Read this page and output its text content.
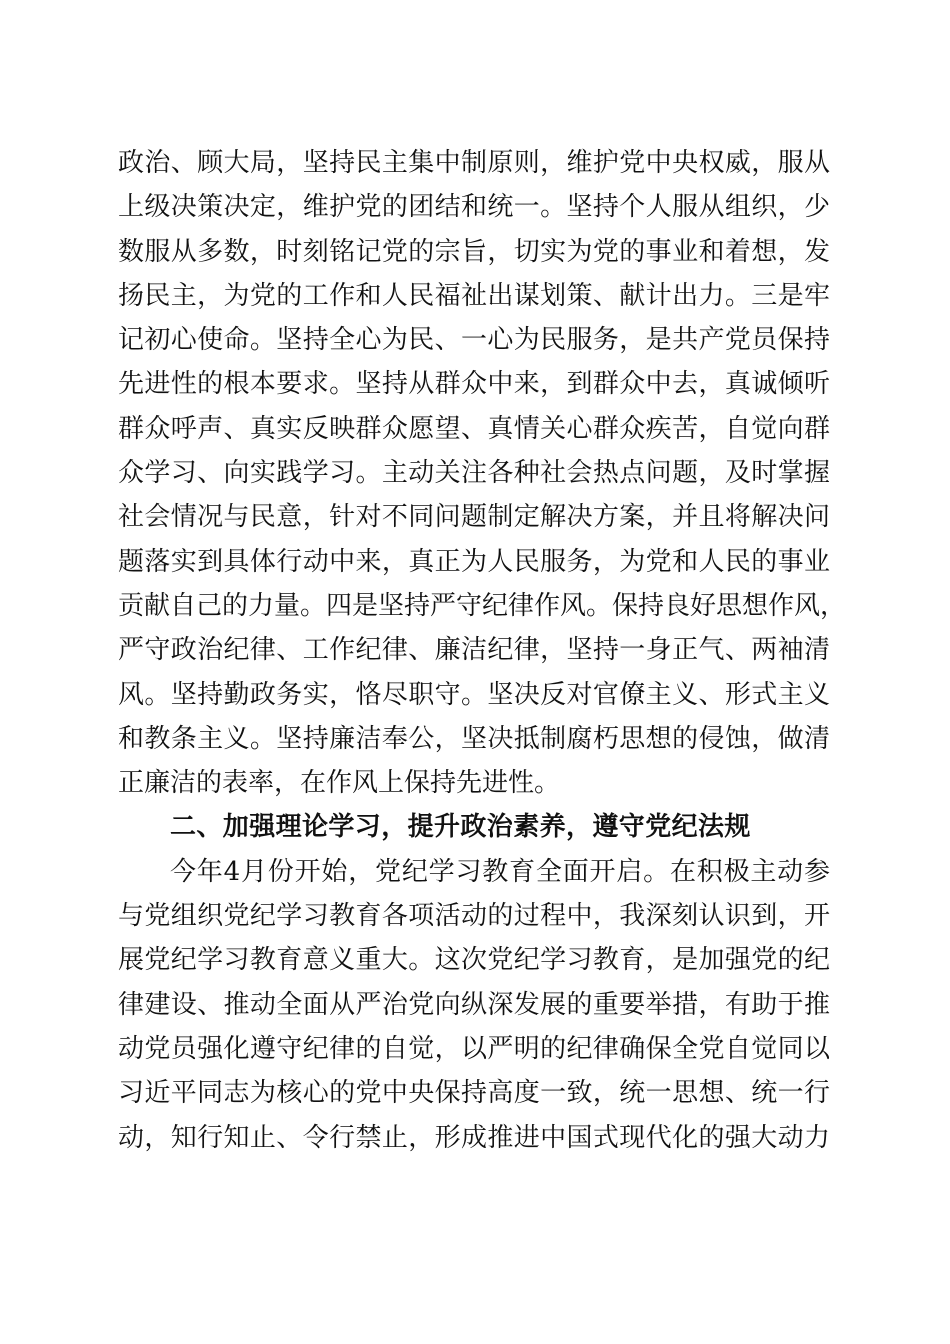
政治、顾大局，坚持民主集中制原则，维护党中央权威，服从
上级决策决定，维护党的团结和统一。坚持个人服从组织，少
数服从多数，时刻铭记党的宗旨，切实为党的事业和着想，发
扬民主，为党的工作和人民福祉出谋划策、献计出力。三是牢
记初心使命。坚持全心为民、一心为民服务，是共产党员保持
先进性的根本要求。坚持从群众中来，到群众中去，真诚倾听
群众呼声、真实反映群众愿望、真情关心群众疾苦，自觉向群
众学习、向实践学习。主动关注各种社会热点问题，及时掌握
社会情况与民意，针对不同问题制定解决方案，并且将解决问
题落实到具体行动中来，真正为人民服务，为党和人民的事业
贡献自己的力量。四是坚持严守纪律作风。保持良好思想作风，
严守政治纪律、工作纪律、廉洁纪律，坚持一身正气、两袖清
风。坚持勤政务实，恪尽职守。坚决反对官僚主义、形式主义
和教条主义。坚持廉洁奉公，坚决抵制腐朽思想的侵蚀，做清
正廉洁的表率，在作风上保持先进性。
二、加强理论学习，提升政治素养，遵守党纪法规
今年4月份开始，党纪学习教育全面开启。在积极主动参
与党组织党纪学习教育各项活动的过程中，我深刻认识到，开
展党纪学习教育意义重大。这次党纪学习教育，是加强党的纪
律建设、推动全面从严治党向纵深发展的重要举措，有助于推
动党员强化遵守纪律的自觉，以严明的纪律确保全党自觉同以
习近平同志为核心的党中央保持高度一致，统一思想、统一行
动，知行知止、令行禁止，形成推进中国式现代化的强大动力
